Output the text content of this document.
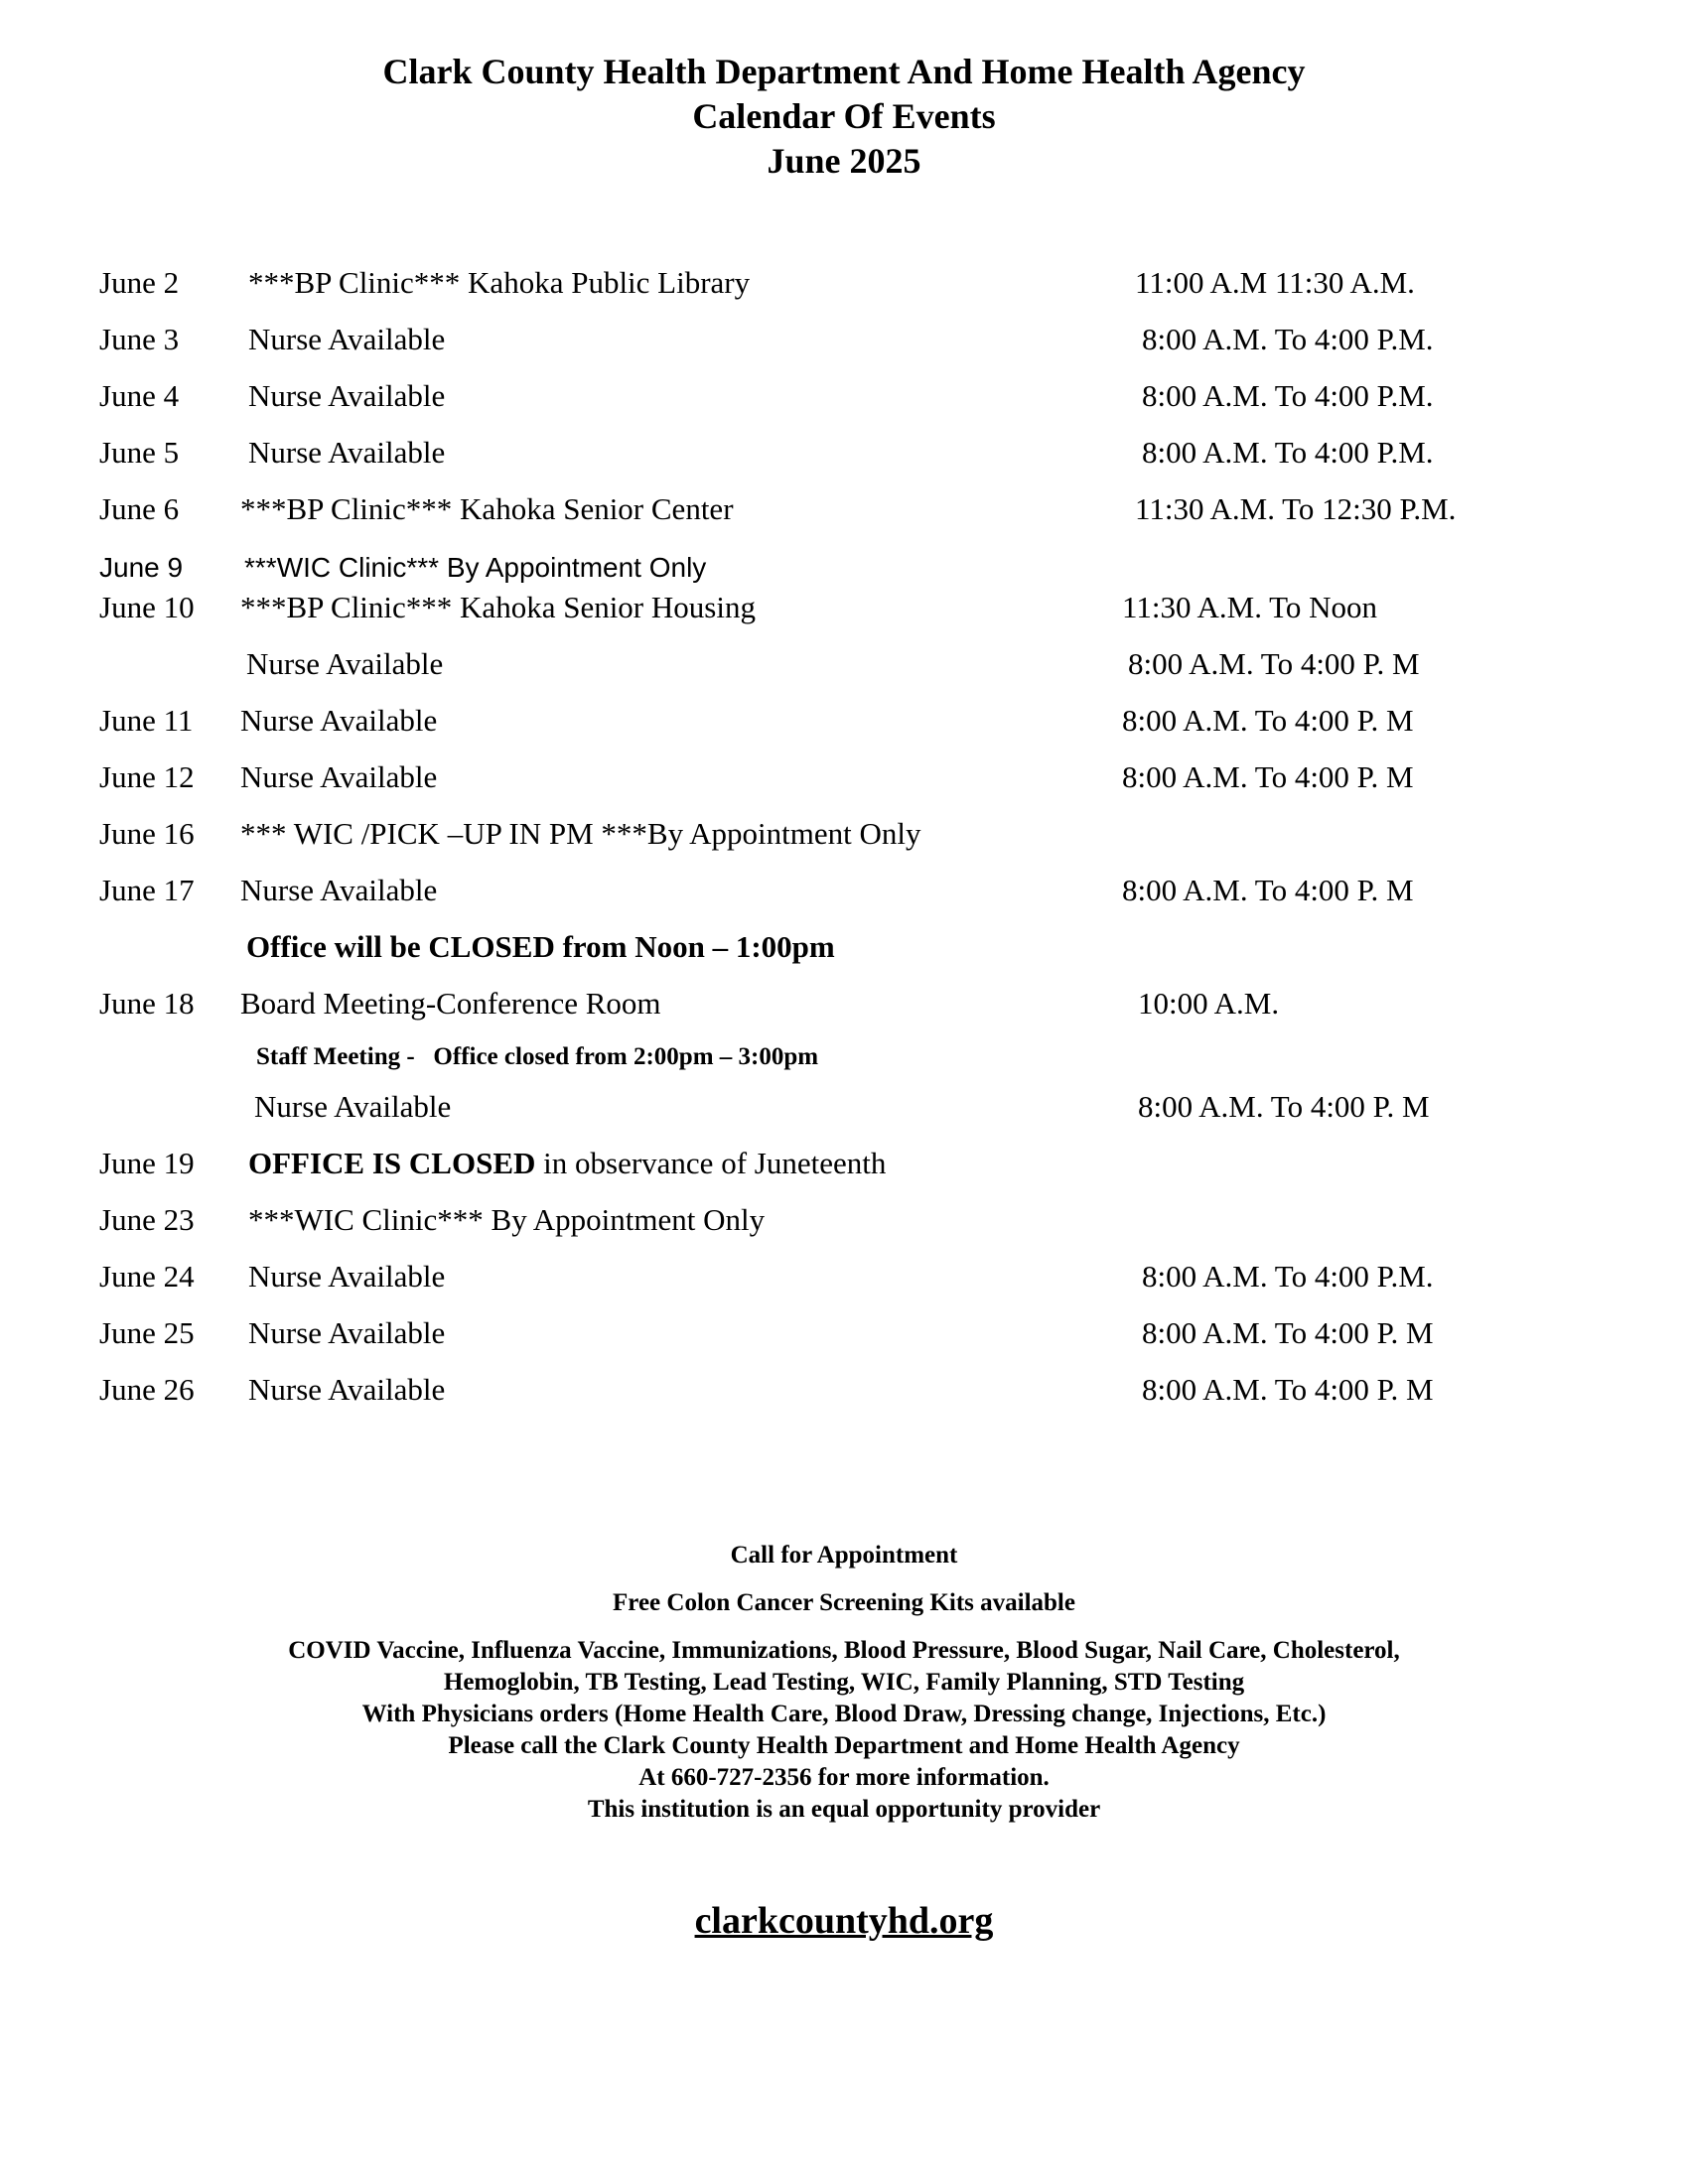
Clark County Health Department And Home Health Agency
Calendar Of Events
June 2025
June 2 ***BP Clinic*** Kahoka Public Library	11:00 A.M 11:30 A.M.
June 3 Nurse Available	8:00 A.M. To 4:00 P.M.
June 4 Nurse Available	8:00 A.M. To 4:00 P.M.
June 5 Nurse Available	8:00 A.M. To 4:00 P.M.
June 6 ***BP Clinic*** Kahoka Senior Center	11:30 A.M. To 12:30 P.M.
June 9 ***WIC Clinic*** By Appointment Only
June 10 ***BP Clinic*** Kahoka Senior Housing	11:30 A.M. To Noon
Nurse Available	8:00 A.M. To 4:00 P. M
June 11 Nurse Available	8:00 A.M. To 4:00 P. M
June 12 Nurse Available	8:00 A.M. To 4:00 P. M
June 16 *** WIC /PICK –UP IN PM ***By Appointment Only
June 17 Nurse Available	8:00 A.M. To 4:00 P. M
Office will be CLOSED from Noon – 1:00pm
June 18 Board Meeting-Conference Room	10:00 A.M.
Staff Meeting -   Office closed from 2:00pm – 3:00pm
Nurse Available	8:00 A.M. To 4:00 P. M
June 19 OFFICE IS CLOSED in observance of Juneteenth
June 23 ***WIC Clinic*** By Appointment Only
June 24 Nurse Available	8:00 A.M. To 4:00 P.M.
June 25 Nurse Available	8:00 A.M. To 4:00 P. M
June 26 Nurse Available	8:00 A.M. To 4:00 P. M

Call for Appointment

Free Colon Cancer Screening Kits available

COVID Vaccine, Influenza Vaccine, Immunizations, Blood Pressure, Blood Sugar, Nail Care, Cholesterol,

Hemoglobin, TB Testing, Lead Testing, WIC, Family Planning, STD Testing

With Physicians orders (Home Health Care, Blood Draw, Dressing change, Injections, Etc.)

Please call the Clark County Health Department and Home Health Agency

At 660-727-2356 for more information.

This institution is an equal opportunity provider

clarkcountyhd.org
